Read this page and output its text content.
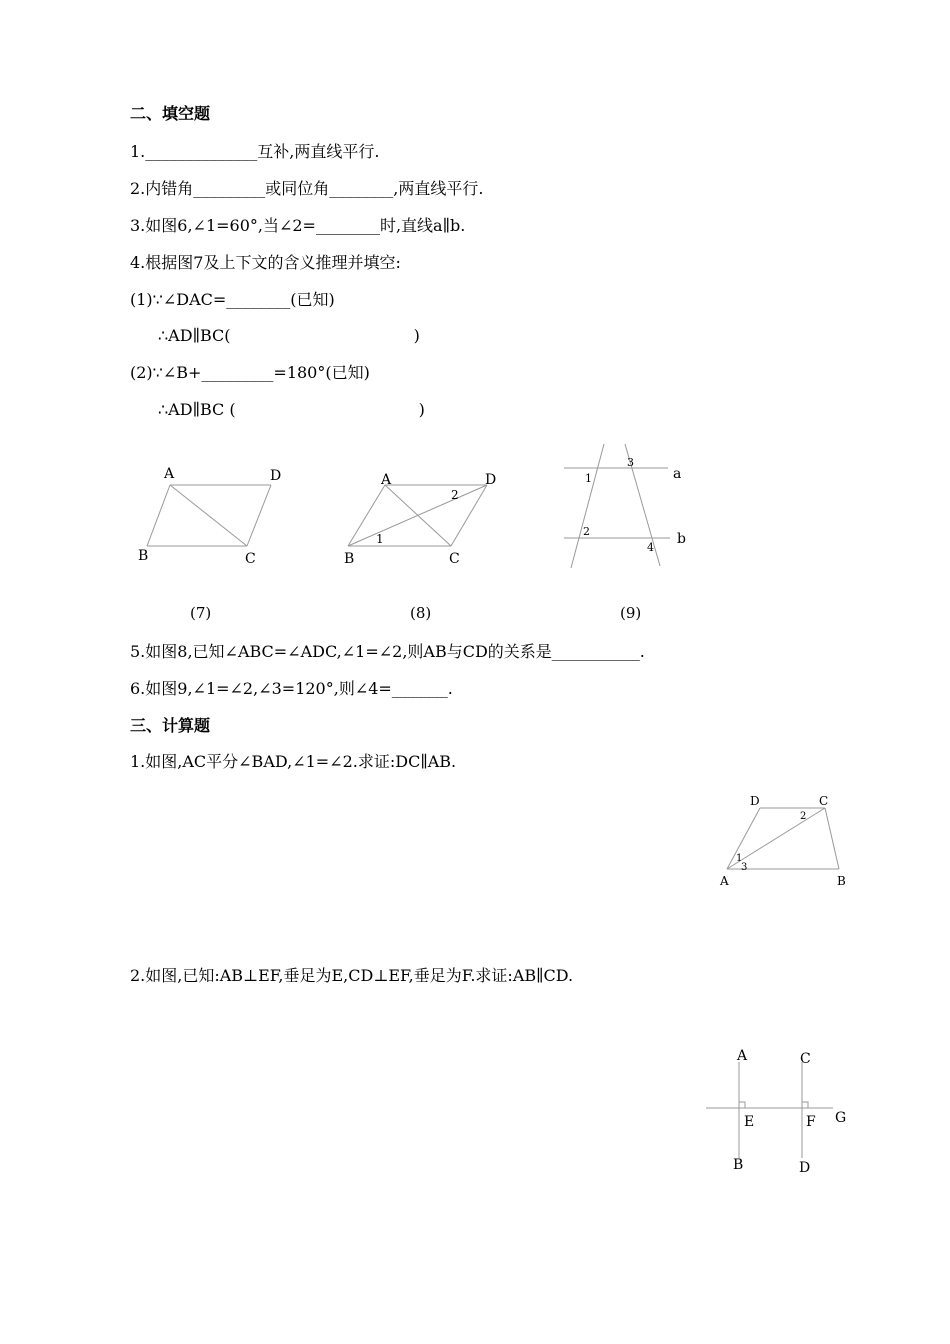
二、填空题
1.______________互补,两直线平行.
2.内错角_________或同位角________,两直线平行.
3.如图6,∠1=60°,当∠2=________时,直线a∥b.
4.根据图7及上下文的含义推理并填空:
(1)∵∠DAC=________(已知)
∴AD∥BC(                                    )
(2)∵∠B+_________=180°(已知)
∴AD∥BC (                                    )
A	D
B	C
A	D
B	C
1
2
a
b
1
2
3
4
(7)	(8)	(9)
5.如图8,已知∠ABC=∠ADC,∠1=∠2,则AB与CD的关系是___________.
6.如图9,∠1=∠2,∠3=120°,则∠4=_______.
三、计算题
1.如图,AC平分∠BAD,∠1=∠2.求证:DC∥AB.
D	C
A	B
1
3
2
2.如图,已知:AB⊥EF,垂足为E,CD⊥EF,垂足为F.求证:AB∥CD.
A	C
E	F G
B	D
